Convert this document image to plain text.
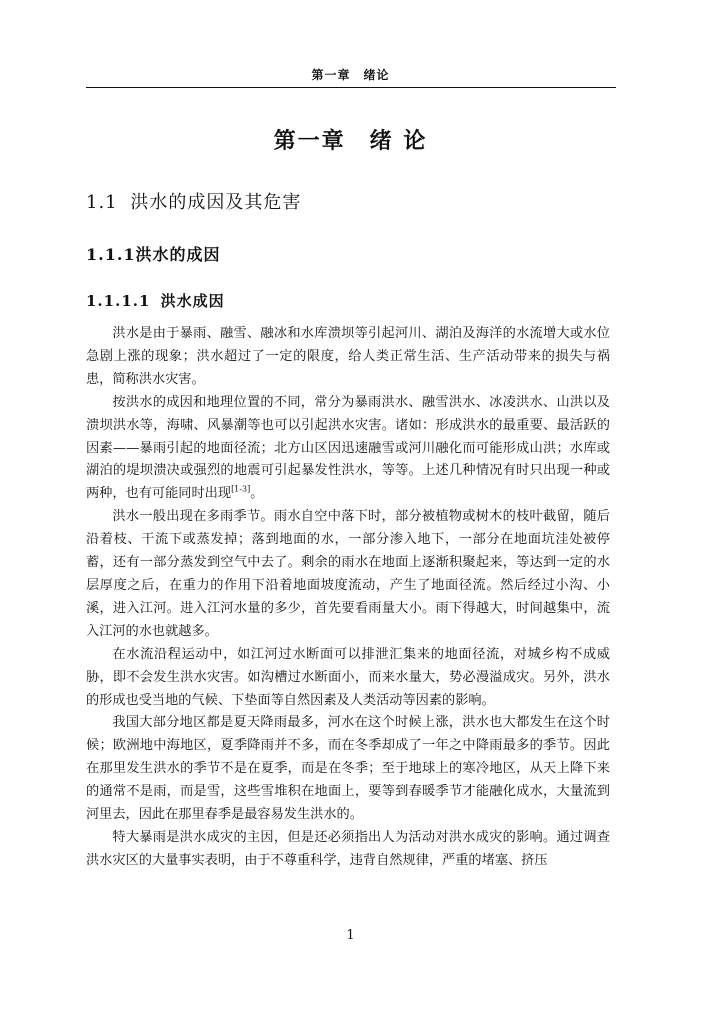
第一章　绪论
第一章　绪 论
1.1 洪水的成因及其危害
1.1.1洪水的成因
1.1.1.1 洪水成因

洪水是由于暴雨、融雪、融冰和水库溃坝等引起河川、湖泊及海洋的水流增大或水位急剧上涨的现象；洪水超过了一定的限度，给人类正常生活、生产活动带来的损失与祸患，简称洪水灾害。

按洪水的成因和地理位置的不同，常分为暴雨洪水、融雪洪水、冰凌洪水、山洪以及溃坝洪水等，海啸、风暴潮等也可以引起洪水灾害。诸如：形成洪水的最重要、最活跃的因素——暴雨引起的地面径流；北方山区因迅速融雪或河川融化而可能形成山洪；水库或湖泊的堤坝溃决或强烈的地震可引起暴发性洪水，等等。上述几种情况有时只出现一种或两种，也有可能同时出现[1-3]。

洪水一般出现在多雨季节。雨水自空中落下时，部分被植物或树木的枝叶截留，随后沿着枝、干流下或蒸发掉；落到地面的水，一部分渗入地下，一部分在地面坑洼处被停蓄，还有一部分蒸发到空气中去了。剩余的雨水在地面上逐渐积聚起来，等达到一定的水层厚度之后，在重力的作用下沿着地面坡度流动，产生了地面径流。然后经过小沟、小溪，进入江河。进入江河水量的多少，首先要看雨量大小。雨下得越大，时间越集中，流入江河的水也就越多。

在水流沿程运动中，如江河过水断面可以排泄汇集来的地面径流，对城乡构不成威胁，即不会发生洪水灾害。如沟槽过水断面小，而来水量大，势必漫溢成灾。另外，洪水的形成也受当地的气候、下垫面等自然因素及人类活动等因素的影响。

我国大部分地区都是夏天降雨最多，河水在这个时候上涨，洪水也大都发生在这个时候；欧洲地中海地区，夏季降雨并不多，而在冬季却成了一年之中降雨最多的季节。因此在那里发生洪水的季节不是在夏季，而是在冬季；至于地球上的寒冷地区，从天上降下来的通常不是雨，而是雪，这些雪堆积在地面上，要等到春暖季节才能融化成水，大量流到河里去，因此在那里春季是最容易发生洪水的。

特大暴雨是洪水成灾的主因，但是还必须指出人为活动对洪水成灾的影响。通过调查洪水灾区的大量事实表明，由于不尊重科学，违背自然规律，严重的堵塞、挤压

1
